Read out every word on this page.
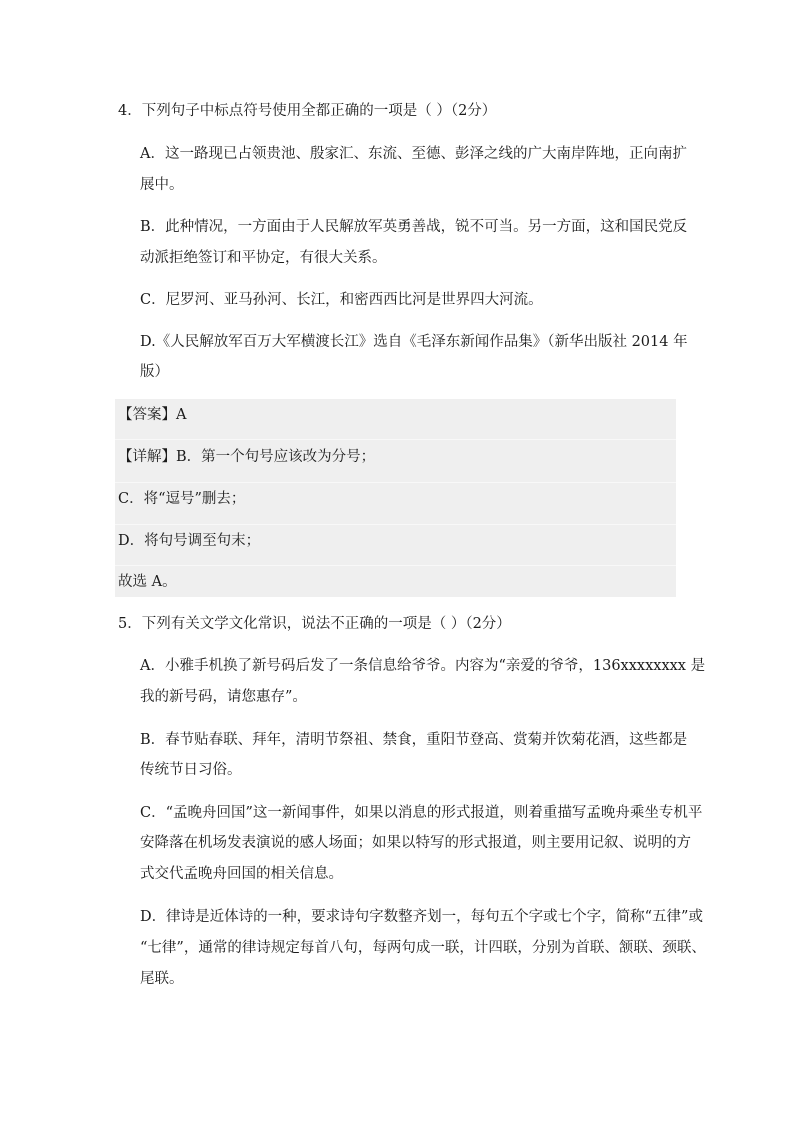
4．下列句子中标点符号使用全都正确的一项是（ ）（2分）
A．这一路现已占领贵池、殷家汇、东流、至德、彭泽之线的广大南岸阵地，正向南扩
展中。
B．此种情况，一方面由于人民解放军英勇善战，锐不可当。另一方面，这和国民党反
动派拒绝签订和平协定，有很大关系。
C．尼罗河、亚马孙河、长江，和密西西比河是世界四大河流。
D.《人民解放军百万大军横渡长江》选自《毛泽东新闻作品集》（新华出版社 2014 年
版）
【答案】A
【详解】B．第一个句号应该改为分号；
C．将“逗号”删去；
D．将句号调至句末；
故选 A。
5．下列有关文学文化常识，说法不正确的一项是（ ）（2分）
A．小雅手机换了新号码后发了一条信息给爷爷。内容为“亲爱的爷爷，136xxxxxxxx 是
我的新号码，请您惠存”。
B．春节贴春联、拜年，清明节祭祖、禁食，重阳节登高、赏菊并饮菊花酒，这些都是
传统节日习俗。
C．“孟晚舟回国”这一新闻事件，如果以消息的形式报道，则着重描写孟晚舟乘坐专机平
安降落在机场发表演说的感人场面；如果以特写的形式报道，则主要用记叙、说明的方
式交代孟晚舟回国的相关信息。
D．律诗是近体诗的一种，要求诗句字数整齐划一，每句五个字或七个字，简称“五律”或
“七律”，通常的律诗规定每首八句，每两句成一联，计四联，分别为首联、颔联、颈联、
尾联。
